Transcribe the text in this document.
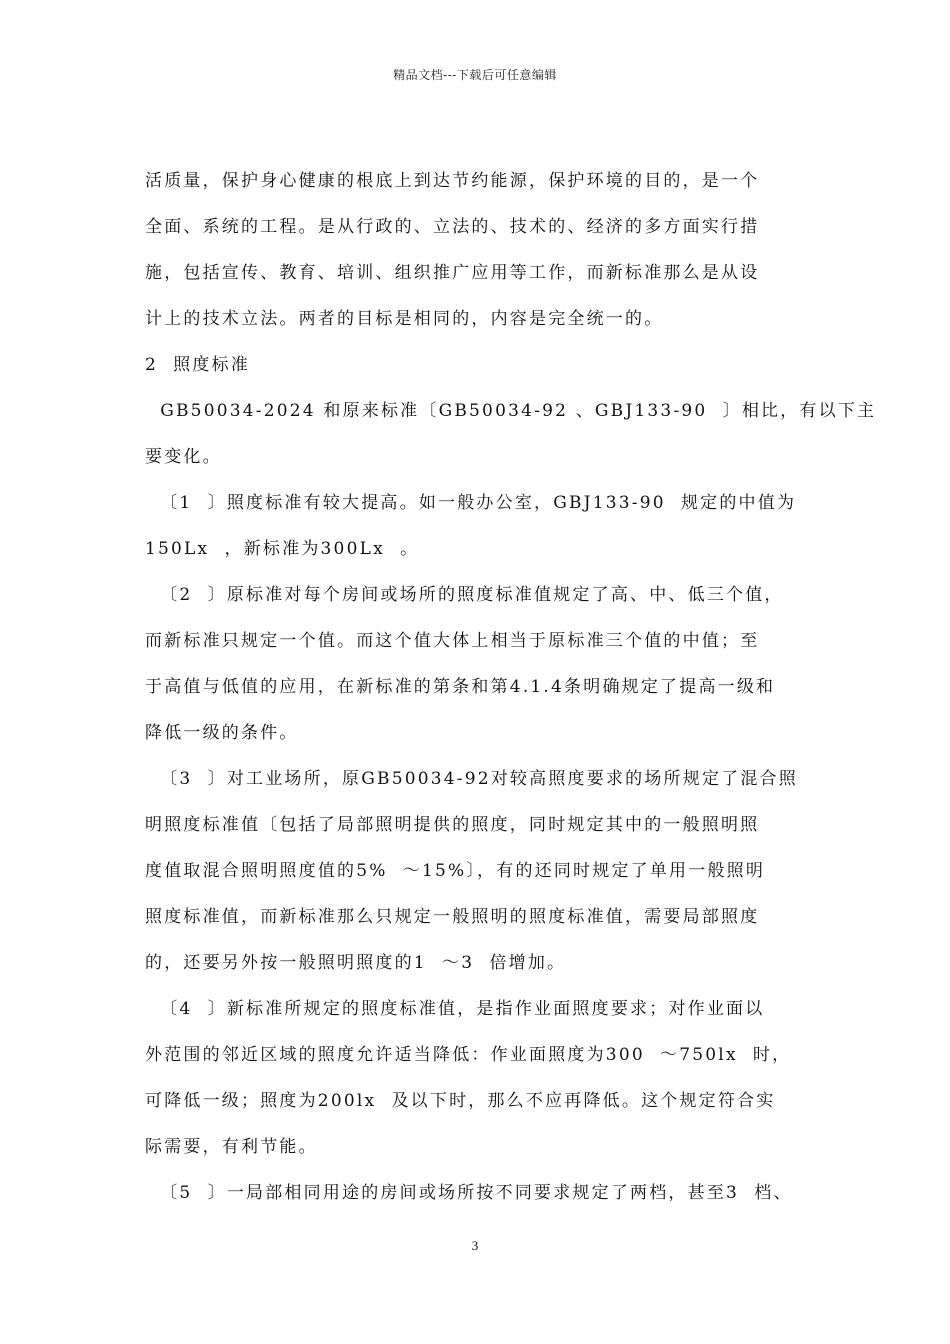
精品文档---下载后可任意编辑
活质量，保护身心健康的根底上到达节约能源，保护环境的目的，是一个
全面、系统的工程。是从行政的、立法的、技术的、经济的多方面实行措
施，包括宣传、教育、培训、组织推广应用等工作，而新标准那么是从设
计上的技术立法。两者的目标是相同的，内容是完全统一的。
2  照度标准
GB50034-2024 和原来标准〔GB50034-92 、GBJ133-90  〕相比，有以下主
要变化。
〔1  〕照度标准有较大提高。如一般办公室，GBJ133-90  规定的中值为
150Lx  ，新标准为300Lx  。
〔2  〕原标准对每个房间或场所的照度标准值规定了高、中、低三个值，
而新标准只规定一个值。而这个值大体上相当于原标准三个值的中值；至
于高值与低值的应用，在新标准的第条和第4.1.4条明确规定了提高一级和
降低一级的条件。
〔3  〕对工业场所，原GB50034-92对较高照度要求的场所规定了混合照
明照度标准值〔包括了局部照明提供的照度，同时规定其中的一般照明照
度值取混合照明照度值的5%  ～15%〕，有的还同时规定了单用一般照明
照度标准值，而新标准那么只规定一般照明的照度标准值，需要局部照度
的，还要另外按一般照明照度的1  ～3  倍增加。
〔4  〕新标准所规定的照度标准值，是指作业面照度要求；对作业面以
外范围的邻近区域的照度允许适当降低：作业面照度为300  ～750lx  时，
可降低一级；照度为200lx  及以下时，那么不应再降低。这个规定符合实
际需要，有利节能。
〔5  〕一局部相同用途的房间或场所按不同要求规定了两档，甚至3  档、
3
